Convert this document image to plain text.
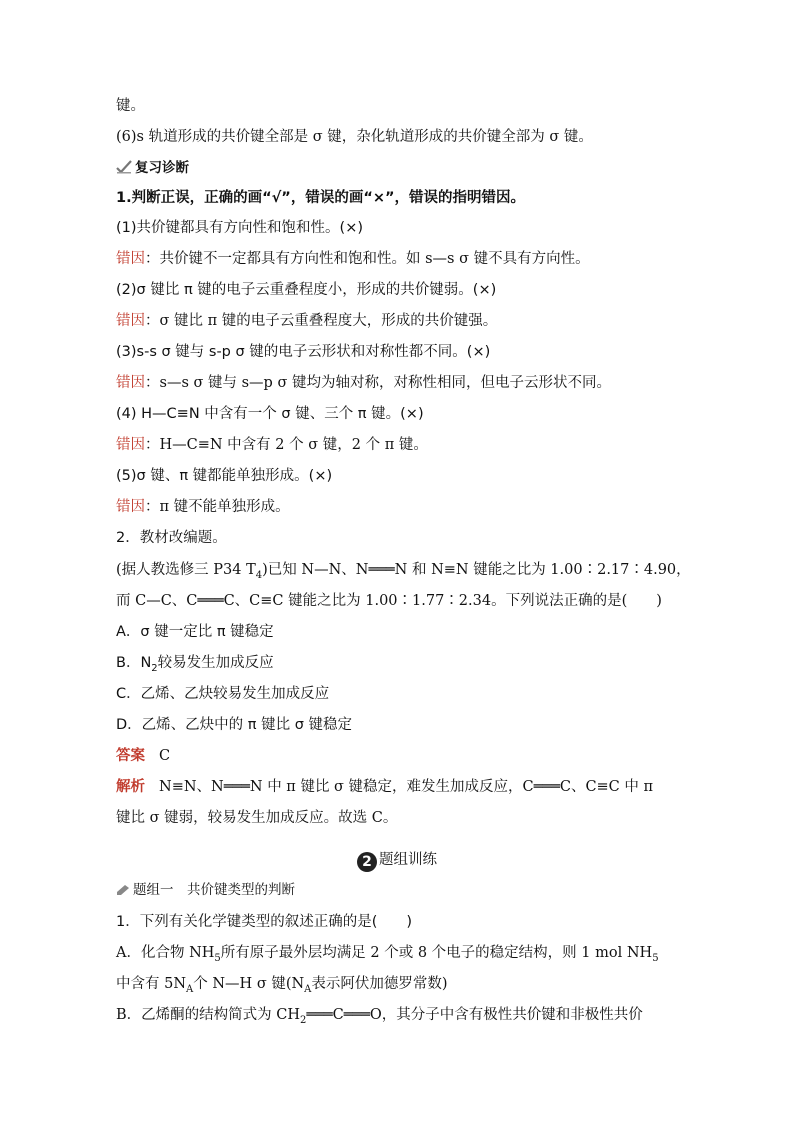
键。
(6)s 轨道形成的共价键全部是 σ 键，杂化轨道形成的共价键全部为 σ 键。
复习诊断
1.判断正误，正确的画“√”，错误的画“×”，错误的指明错因。
(1)共价键都具有方向性和饱和性。(×)
错因：共价键不一定都具有方向性和饱和性。如 s—s σ 键不具有方向性。
(2)σ 键比 π 键的电子云重叠程度小，形成的共价键弱。(×)
错因：σ 键比 π 键的电子云重叠程度大，形成的共价键强。
(3)s-s σ 键与 s-p σ 键的电子云形状和对称性都不同。(×)
错因：s—s σ 键与 s—p σ 键均为轴对称，对称性相同，但电子云形状不同。
(4) H—C≡N 中含有一个 σ 键、三个 π 键。(×)
错因：H—C≡N 中含有 2 个 σ 键，2 个 π 键。
(5)σ 键、π 键都能单独形成。(×)
错因：π 键不能单独形成。
2．教材改编题。
(据人教选修三 P34 $T_4$)已知 N—N、N═══N 和 N≡N 键能之比为 1.00∶2.17∶4.90，
而 C—C、C═══C、C≡C 键能之比为 1.00∶1.77∶2.34。下列说法正确的是(　　)
A．σ 键一定比 π 键稳定
B．$N_2$较易发生加成反应
C．乙烯、乙炔较易发生加成反应
D．乙烯、乙炔中的 π 键比 σ 键稳定
答案 C
解析 N≡N、N═══N 中 π 键比 σ 键稳定，难发生加成反应，C═══C、C≡C 中 π
键比 σ 键弱，较易发生加成反应。故选 C。
2 题组训练
题组一　共价键类型的判断
1．下列有关化学键类型的叙述正确的是(　　)
A．化合物 $NH_5$所有原子最外层均满足 2 个或 8 个电子的稳定结构，则 1 mol $NH_5$
中含有 $5N_A$个 N—H σ 键($N_A$表示阿伏加德罗常数)
B．乙烯酮的结构简式为 $CH_2═══C═══O$，其分子中含有极性共价键和非极性共价
